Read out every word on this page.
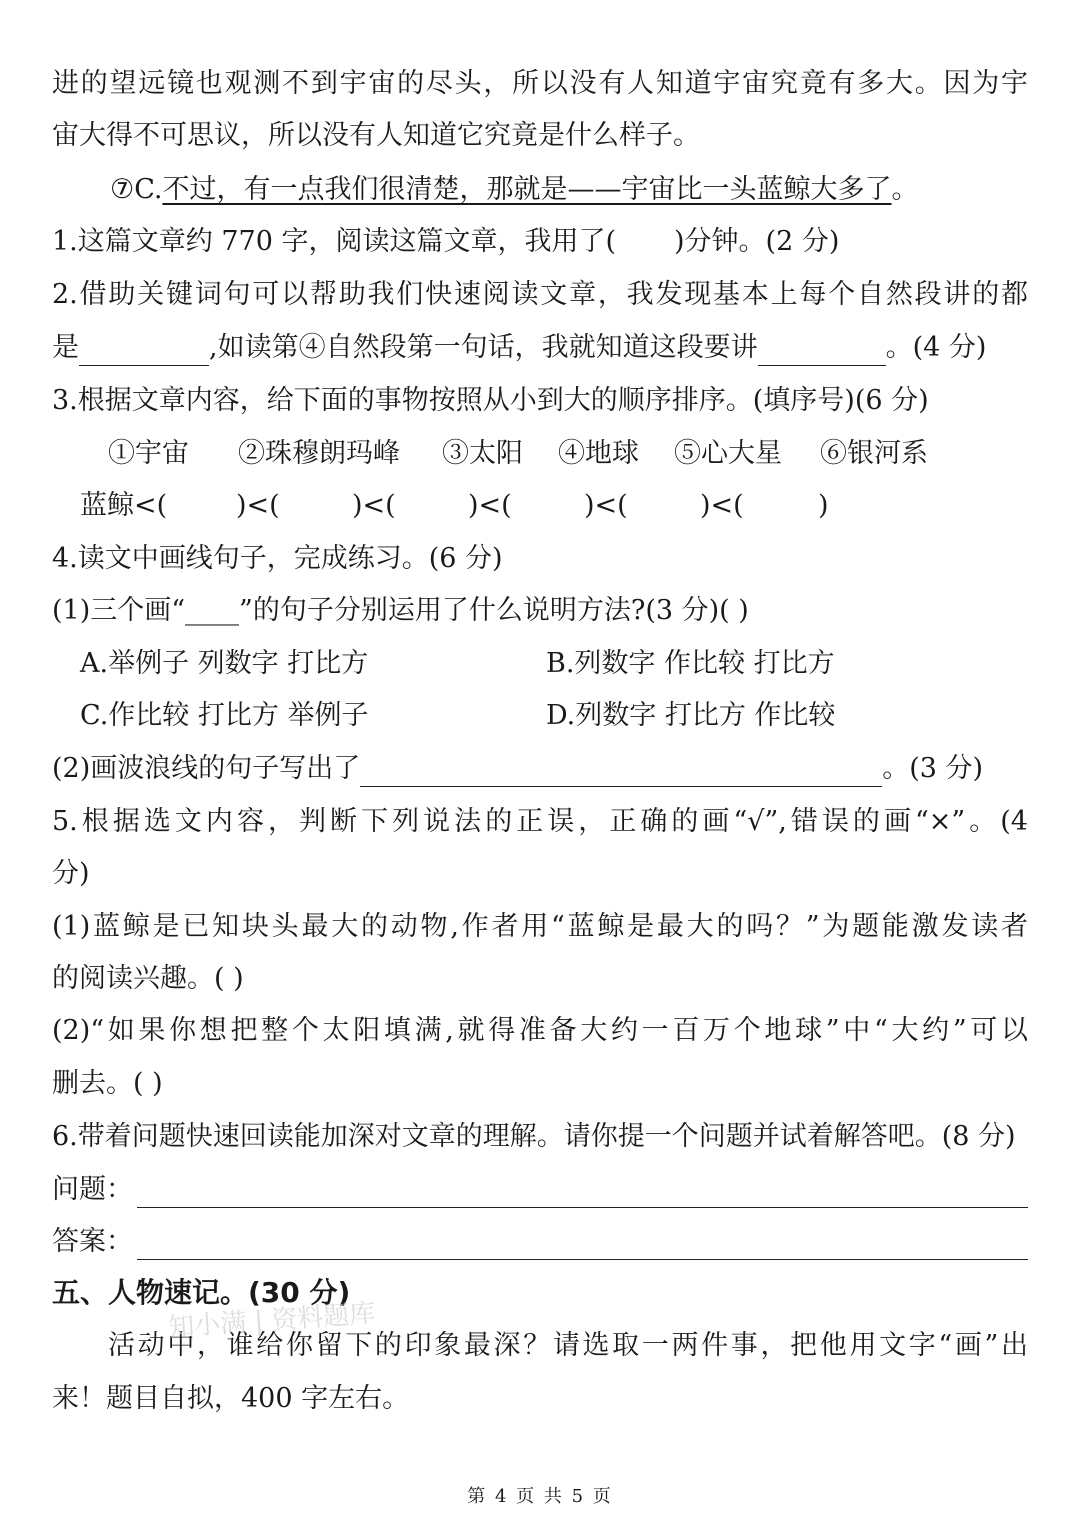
进的望远镜也观测不到宇宙的尽头，所以没有人知道宇宙究竟有多大。因为宇
宙大得不可思议，所以没有人知道它究竟是什么样子。
⑦C.不过，有一点我们很清楚，那就是——宇宙比一头蓝鲸大多了。
1.这篇文章约 770 字，阅读这篇文章，我用了( )分钟。(2 分)
2.借助关键词句可以帮助我们快速阅读文章，我发现基本上每个自然段讲的都
是	,如读第④自然段第一句话，我就知道这段要讲	。(4 分)
3.根据文章内容，给下面的事物按照从小到大的顺序排序。(填序号)(6 分)
①宇宙 ②珠穆朗玛峰 ③太阳 ④地球 ⑤心大星 ⑥银河系
蓝鲸<(	)<(	)<(	)<(	)<(	)<(	)
4.读文中画线句子，完成练习。(6 分)
(1)三个画“____”的句子分别运用了什么说明方法?(3 分)( )
A.举例子 列数字 打比方	B.列数字 作比较 打比方
C.作比较 打比方 举例子	D.列数字 打比方 作比较
(2)画波浪线的句子写出了	。(3 分)
5.根据选文内容，判断下列说法的正误，正确的画“√”,错误的画“×”。(4
分)
(1)蓝鲸是已知块头最大的动物,作者用“蓝鲸是最大的吗？”为题能激发读者
的阅读兴趣。( )
(2)“如果你想把整个太阳填满,就得准备大约一百万个地球”中“大约”可以
删去。( )
6.带着问题快速回读能加深对文章的理解。请你提一个问题并试着解答吧。(8 分)
问题：
答案：
五、人物速记。(30 分)
活动中，谁给你留下的印象最深？请选取一两件事，把他用文字“画”出
来！题目自拟，400 字左右。
知小满 | 资料题库
第 4 页 共 5 页
